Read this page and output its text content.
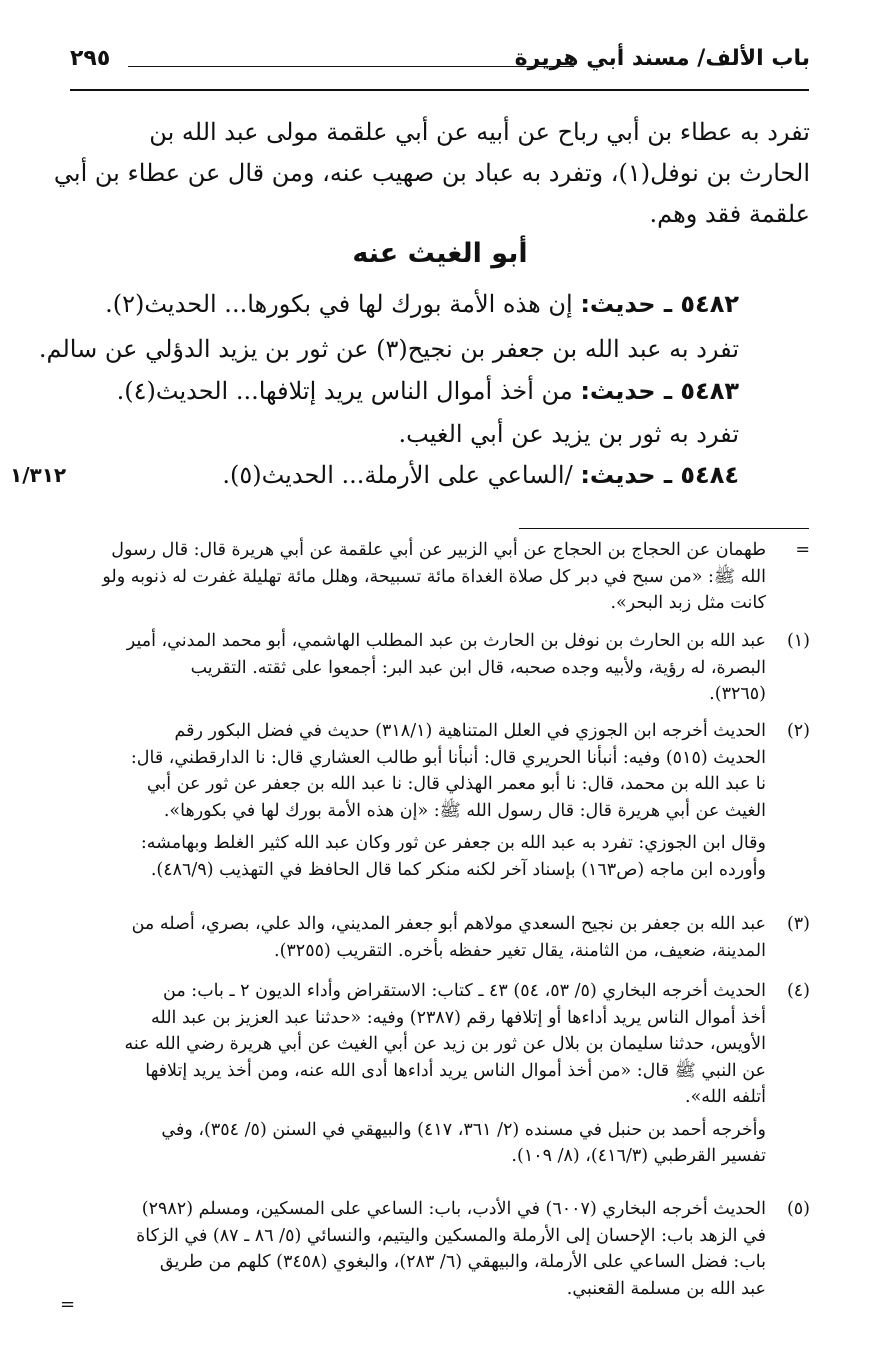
باب الألف/ مسند أبي هريرة
٢٩٥
تفرد به عطاء بن أبي رباح عن أبيه عن أبي علقمة مولى عبد الله بن
الحارث بن نوفل(١)، وتفرد به عباد بن صهيب عنه، ومن قال عن عطاء بن أبي
علقمة فقد وهم.
أبو الغيث عنه
٥٤٨٢ ـ حديث: إن هذه الأمة بورك لها في بكورها... الحديث(٢).
تفرد به عبد الله بن جعفر بن نجيح(٣) عن ثور بن يزيد الدؤلي عن سالم.
٥٤٨٣ ـ حديث: من أخذ أموال الناس يريد إتلافها... الحديث(٤).
تفرد به ثور بن يزيد عن أبي الغيب.
٥٤٨٤ ـ حديث: /الساعي على الأرملة... الحديث(٥).
١/٣١٢
=
طهمان عن الحجاج بن الحجاج عن أبي الزبير عن أبي علقمة عن أبي هريرة قال: قال رسول
الله ﷺ: «من سبح في دبر كل صلاة الغداة مائة تسبيحة، وهلل مائة تهليلة غفرت له ذنوبه ولو
كانت مثل زبد البحر».
(١)
عبد الله بن الحارث بن نوفل بن الحارث بن عبد المطلب الهاشمي، أبو محمد المدني، أمير
البصرة، له رؤية، ولأبيه وجده صحبه، قال ابن عبد البر: أجمعوا على ثقته. التقريب
(٣٢٦٥).
(٢)
الحديث أخرجه ابن الجوزي في العلل المتناهية (٣١٨/١) حديث في فضل البكور رقم
الحديث (٥١٥) وفيه: أنبأنا الحريري قال: أنبأنا أبو طالب العشاري قال: نا الدارقطني، قال:
نا عبد الله بن محمد، قال: نا أبو معمر الهذلي قال: نا عبد الله بن جعفر عن ثور عن أبي
الغيث عن أبي هريرة قال: قال رسول الله ﷺ: «إن هذه الأمة بورك لها في بكورها».
وقال ابن الجوزي: تفرد به عبد الله بن جعفر عن ثور وكان عبد الله كثير الغلط وبهامشه:
وأورده ابن ماجه (ص١٦٣) بإسناد آخر لكنه منكر كما قال الحافظ في التهذيب (٤٨٦/٩).
(٣)
عبد الله بن جعفر بن نجيح السعدي مولاهم أبو جعفر المديني، والد علي، بصري، أصله من
المدينة، ضعيف، من الثامنة، يقال تغير حفظه بأخره. التقريب (٣٢٥٥).
(٤)
الحديث أخرجه البخاري (٥/ ٥٣، ٥٤) ٤٣ ـ كتاب: الاستقراض وأداء الديون ٢ ـ باب: من
أخذ أموال الناس يريد أداءها أو إتلافها رقم (٢٣٨٧) وفيه: «حدثنا عبد العزيز بن عبد الله
الأويس، حدثنا سليمان بن بلال عن ثور بن زيد عن أبي الغيث عن أبي هريرة رضي الله عنه
عن النبي ﷺ قال: «من أخذ أموال الناس يريد أداءها أدى الله عنه، ومن أخذ يريد إتلافها
أتلفه الله».
وأخرجه أحمد بن حنبل في مسنده (٢/ ٣٦١، ٤١٧) والبيهقي في السنن (٥/ ٣٥٤)، وفي
تفسير القرطبي (٤١٦/٣)، (٨/ ١٠٩).
(٥)
الحديث أخرجه البخاري (٦٠٠٧) في الأدب، باب: الساعي على المسكين، ومسلم (٢٩٨٢)
في الزهد باب: الإحسان إلى الأرملة والمسكين واليتيم، والنسائي (٥/ ٨٦ ـ ٨٧) في الزكاة
باب: فضل الساعي على الأرملة، والبيهقي (٦/ ٢٨٣)، والبغوي (٣٤٥٨) كلهم من طريق
عبد الله بن مسلمة القعنبي.
=
